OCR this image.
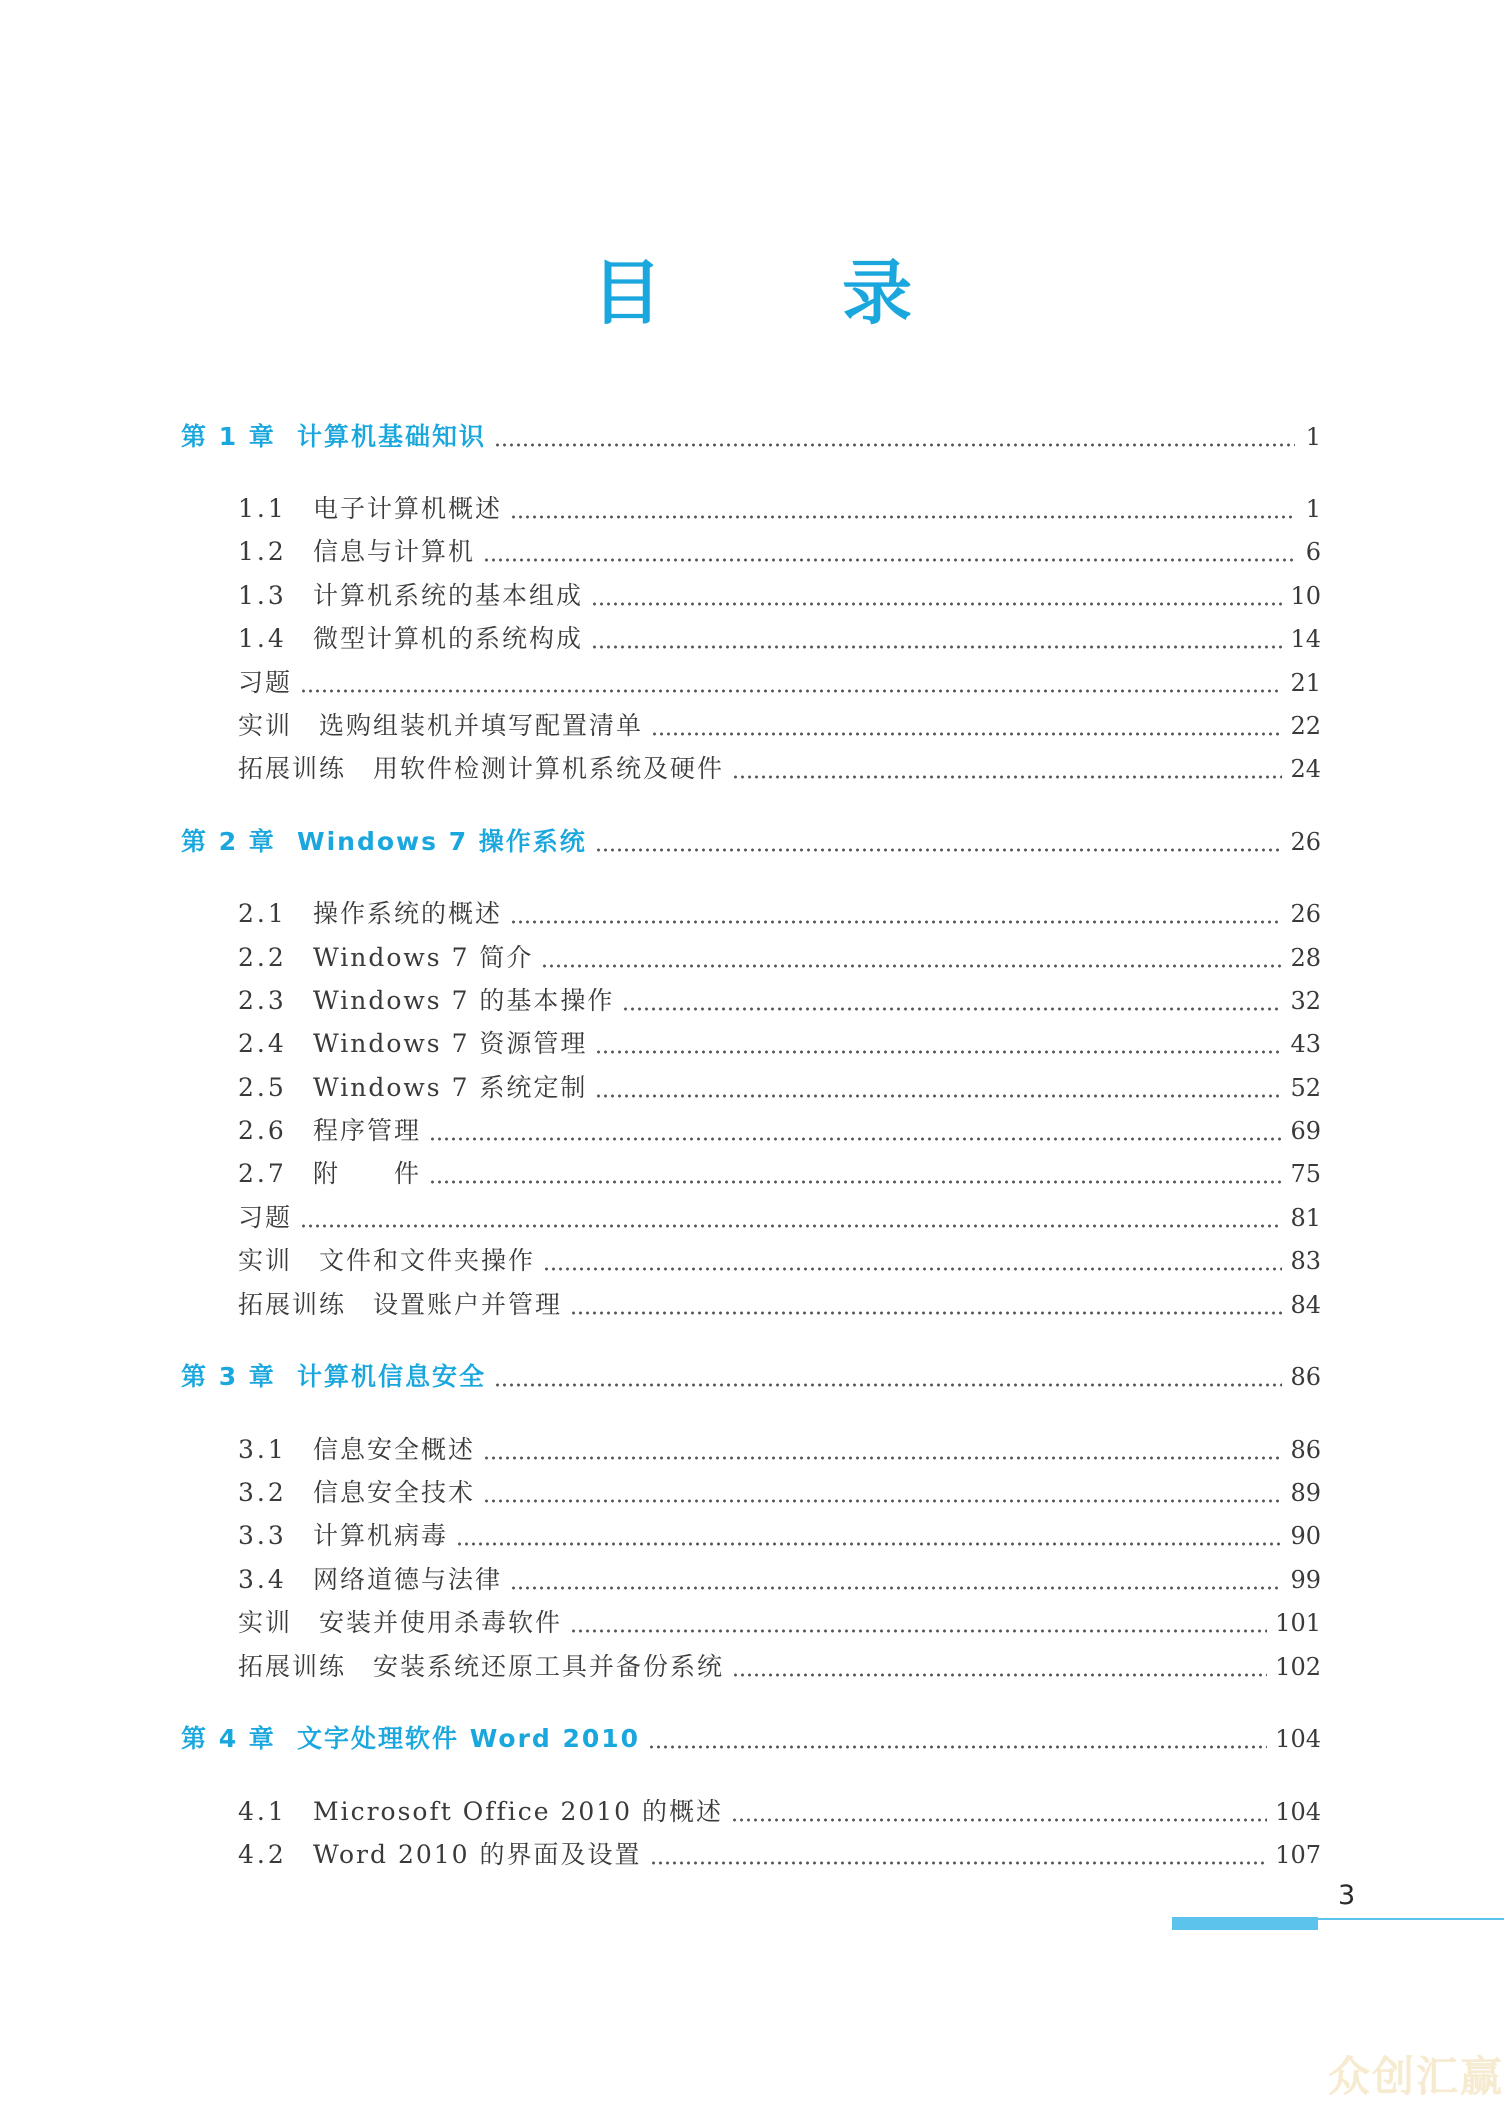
目 录
第 1 章 计算机基础知识	1
1.1	电子计算机概述	1
1.2	信息与计算机	6
1.3	计算机系统的基本组成	10
1.4	微型计算机的系统构成	14
习题	21
实训　选购组装机并填写配置清单	22
拓展训练　用软件检测计算机系统及硬件	24
第 2 章 Windows 7 操作系统	26
2.1	操作系统的概述	26
2.2	Windows 7 简介	28
2.3	Windows 7 的基本操作	32
2.4	Windows 7 资源管理	43
2.5	Windows 7 系统定制	52
2.6	程序管理	69
2.7	附　　件	75
习题	81
实训　文件和文件夹操作	83
拓展训练　设置账户并管理	84
第 3 章 计算机信息安全	86
3.1	信息安全概述	86
3.2	信息安全技术	89
3.3	计算机病毒	90
3.4	网络道德与法律	99
实训　安装并使用杀毒软件	101
拓展训练　安装系统还原工具并备份系统	102
第 4 章 文字处理软件 Word 2010	104
4.1	Microsoft Office 2010 的概述	104
4.2	Word 2010 的界面及设置	107
3
众创汇赢
